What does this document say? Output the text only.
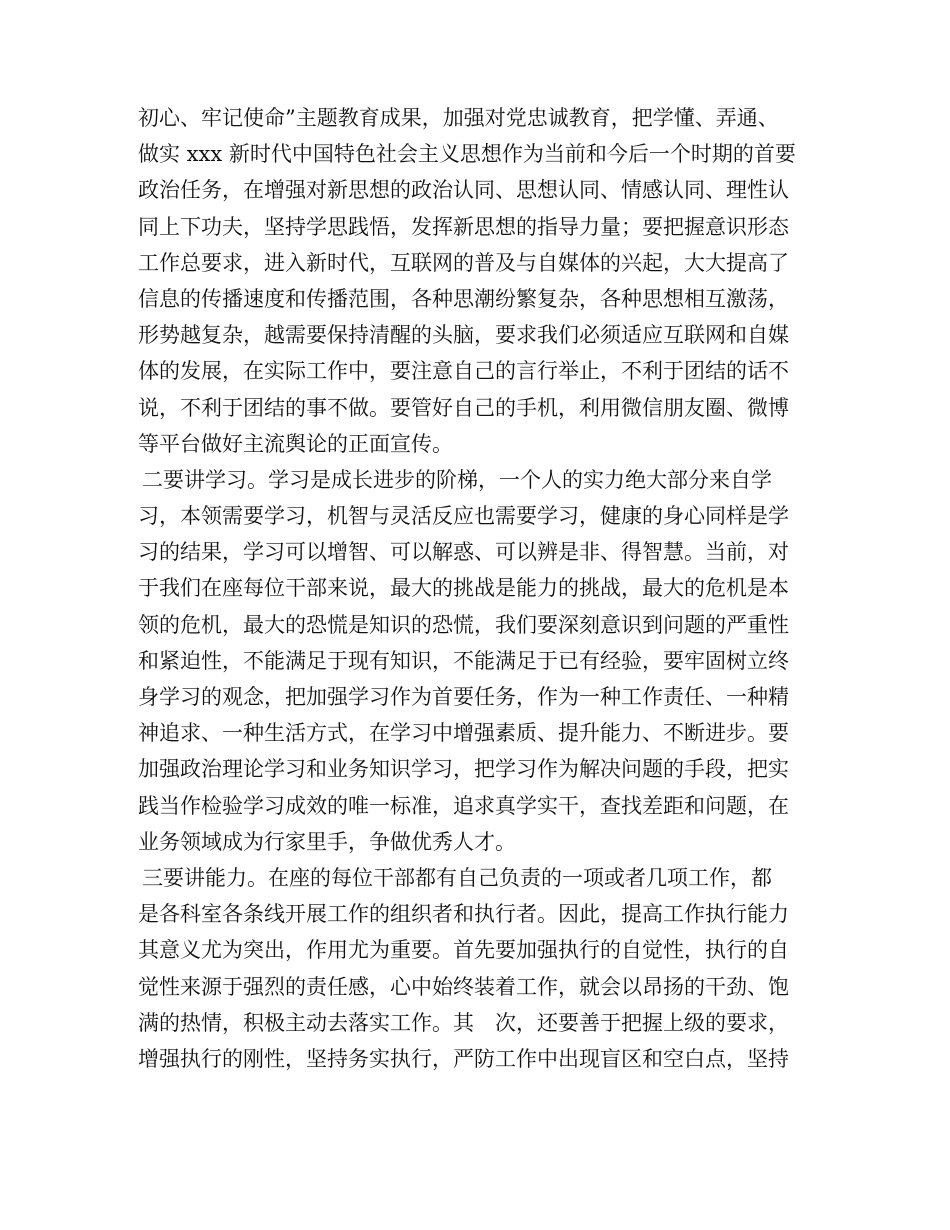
初心、牢记使命”主题教育成果，加强对党忠诚教育，把学懂、弄通、
做实 xxx 新时代中国特色社会主义思想作为当前和今后一个时期的首要
政治任务，在增强对新思想的政治认同、思想认同、情感认同、理性认
同上下功夫，坚持学思践悟，发挥新思想的指导力量；要把握意识形态
工作总要求，进入新时代，互联网的普及与自媒体的兴起，大大提高了
信息的传播速度和传播范围，各种思潮纷繁复杂，各种思想相互激荡，
形势越复杂，越需要保持清醒的头脑，要求我们必须适应互联网和自媒
体的发展，在实际工作中，要注意自己的言行举止，不利于团结的话不
说，不利于团结的事不做。要管好自己的手机，利用微信朋友圈、微博
等平台做好主流舆论的正面宣传。
二要讲学习。学习是成长进步的阶梯，一个人的实力绝大部分来自学
习，本领需要学习，机智与灵活反应也需要学习，健康的身心同样是学
习的结果，学习可以增智、可以解惑、可以辨是非、得智慧。当前，对
于我们在座每位干部来说，最大的挑战是能力的挑战，最大的危机是本
领的危机，最大的恐慌是知识的恐慌，我们要深刻意识到问题的严重性
和紧迫性，不能满足于现有知识，不能满足于已有经验，要牢固树立终
身学习的观念，把加强学习作为首要任务，作为一种工作责任、一种精
神追求、一种生活方式，在学习中增强素质、提升能力、不断进步。要
加强政治理论学习和业务知识学习，把学习作为解决问题的手段，把实
践当作检验学习成效的唯一标准，追求真学实干，查找差距和问题，在
业务领域成为行家里手，争做优秀人才。
三要讲能力。在座的每位干部都有自己负责的一项或者几项工作，都
是各科室各条线开展工作的组织者和执行者。因此，提高工作执行能力
其意义尤为突出，作用尤为重要。首先要加强执行的自觉性，执行的自
觉性来源于强烈的责任感，心中始终装着工作，就会以昂扬的干劲、饱
满的热情，积极主动去落实工作。其　次，还要善于把握上级的要求，
增强执行的刚性，坚持务实执行，严防工作中出现盲区和空白点，坚持
